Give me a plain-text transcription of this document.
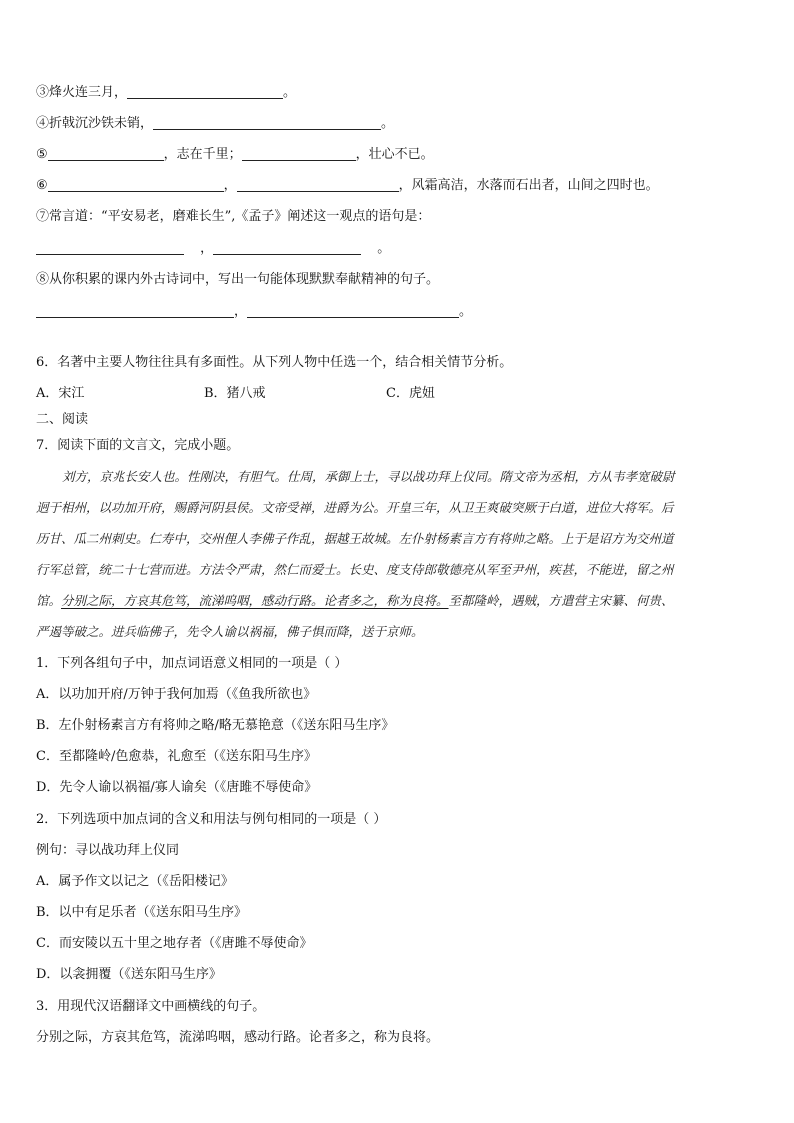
③烽火连三月，	。
④折戟沉沙铁未销，	。
⑤	，志在千里；	，壮心不已。
⑥	，	，风霜高洁，水落而石出者，山间之四时也。
⑦常言道：“平安易老，磨难长生”,《孟子》阐述这一观点的语句是：
，	。
⑧从你积累的课内外古诗词中，写出一句能体现默默奉献精神的句子。
，	。
6．名著中主要人物往往具有多面性。从下列人物中任选一个，结合相关情节分析。
A．宋江	B．猪八戒	C．虎妞
二、阅读
7．阅读下面的文言文，完成小题。
刘方，京兆长安人也。性刚决，有胆气。仕周，承御上士，寻以战功拜上仪同。隋文帝为丞相，方从韦孝宽破尉
迥于相州，以功加开府，赐爵河阴县侯。文帝受禅，进爵为公。开皇三年，从卫王爽破突厥于白道，进位大将军。后
历甘、瓜二州刺史。仁寿中，交州俚人李佛子作乱，据越王故城。左仆射杨素言方有将帅之略。上于是诏方为交州道
行军总管，统二十七营而进。方法令严肃，然仁而爱士。长史、度支侍郎敬德亮从军至尹州，疾甚，不能进，留之州
馆。分别之际，方哀其危笃，流涕呜咽，感动行路。论者多之，称为良将。至都隆岭，遇贼，方遣营主宋纂、何贵、
严遏等破之。进兵临佛子，先令人谕以祸福，佛子惧而降，送于京师。
1．下列各组句子中，加点词语意义相同的一项是（ ）
A．以功加开府/万钟于我何加焉（《鱼我所欲也》
B．左仆射杨素言方有将帅之略/略无慕艳意（《送东阳马生序》
C．至都隆岭/色愈恭，礼愈至（《送东阳马生序》
D．先令人谕以祸福/寡人谕矣（《唐雎不辱使命》
2．下列选项中加点词的含义和用法与例句相同的一项是（ ）
例句：寻以战功拜上仪同
A．属予作文以记之（《岳阳楼记》
B．以中有足乐者（《送东阳马生序》
C．而安陵以五十里之地存者（《唐雎不辱使命》
D．以衾拥覆（《送东阳马生序》
3．用现代汉语翻译文中画横线的句子。
分别之际，方哀其危笃，流涕呜咽，感动行路。论者多之，称为良将。
